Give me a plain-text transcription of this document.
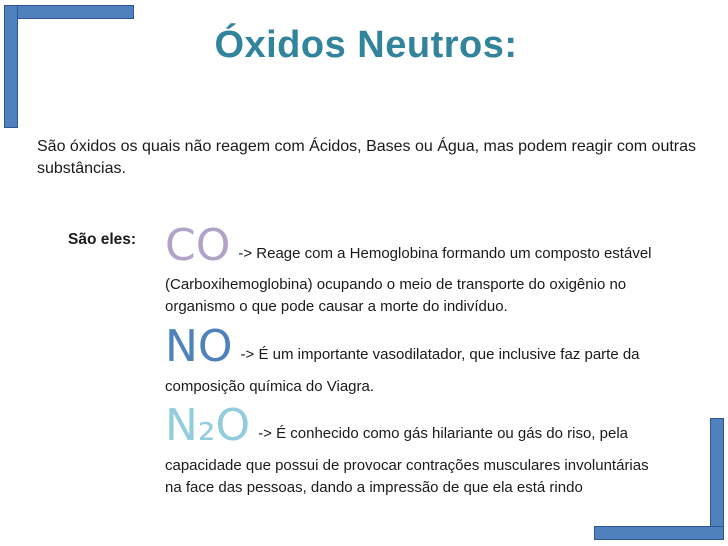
Óxidos Neutros:
São óxidos os quais não reagem com Ácidos, Bases ou Água, mas podem reagir com outras substâncias.
São eles: CO -> Reage com a Hemoglobina formando um composto estável
(Carboxihemoglobina) ocupando o meio de transporte do oxigênio no
organismo o que pode causar a morte do indivíduo.
NO -> É um importante vasodilatador, que inclusive faz parte da
composição química do Viagra.
N₂O -> É conhecido como gás hilariante ou gás do riso, pela
capacidade que possui de provocar contrações musculares involuntárias
na face das pessoas, dando a impressão de que ela está rindo
